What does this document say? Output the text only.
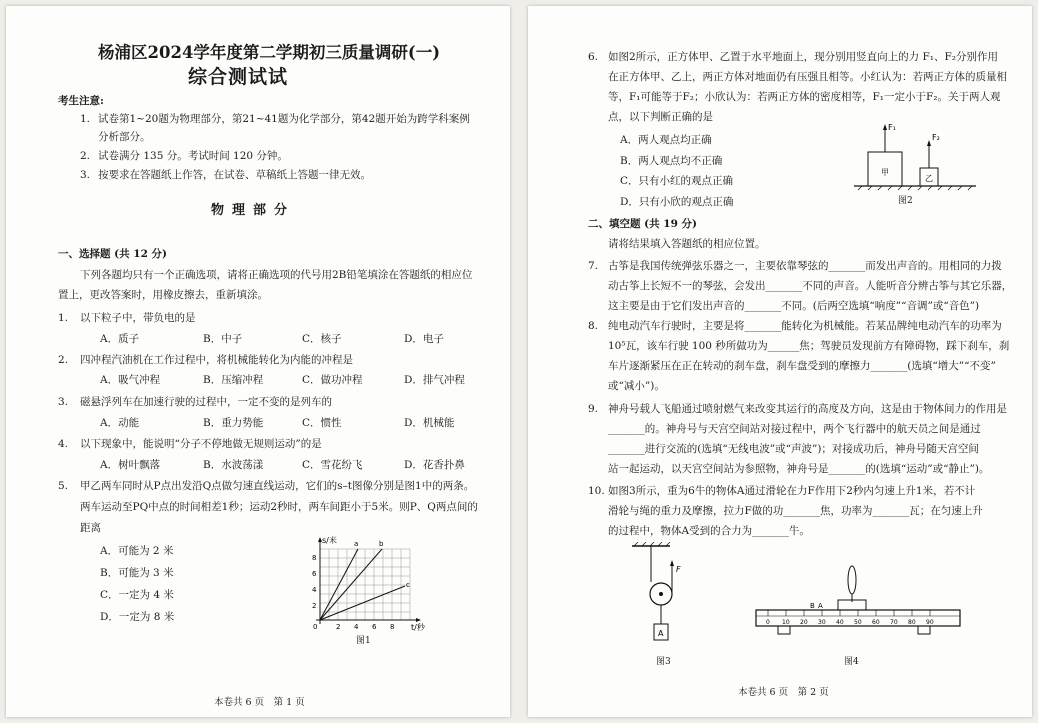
杨浦区2024学年度第二学期初三质量调研(一)
综合测试试
考生注意:
1. 试卷第1~20题为物理部分，第21~41题为化学部分，第42题开始为跨学科案例
分析部分。
2. 试卷满分 135 分。考试时间 120 分钟。
3. 按要求在答题纸上作答，在试卷、草稿纸上答题一律无效。
物理部分
一、选择题 (共 12 分)
下列各题均只有一个正确选项，请将正确选项的代号用2B铅笔填涂在答题纸的相应位
置上，更改答案时，用橡皮擦去，重新填涂。
1. 以下粒子中，带负电的是
A．质子	B．中子	C．核子	D．电子
2. 四冲程汽油机在工作过程中，将机械能转化为内能的冲程是
A．吸气冲程	B．压缩冲程	C．做功冲程	D．排气冲程
3. 磁悬浮列车在加速行驶的过程中，一定不变的是列车的
A．动能	B．重力势能	C．惯性	D．机械能
4. 以下现象中，能说明“分子不停地做无规则运动”的是
A．树叶飘落	B．水波荡漾	C．雪花纷飞	D．花香扑鼻
5. 甲乙两车同时从P点出发沿Q点做匀速直线运动，它们的s–t图像分别是图1中的两条。
两车运动至PQ中点的时间相差1秒；运动2秒时，两车间距小于5米。则P、Q两点间的
距离
A．可能为 2 米
B．可能为 3 米
C．一定为 4 米
D．一定为 8 米
s/米
t/秒
8
6
4
2
0	2 4 6 8
a	b
c
图1
本卷共 6 页　第 1 页
6. 如图2所示，正方体甲、乙置于水平地面上，现分别用竖直向上的力 F₁、F₂分别作用
在正方体甲、乙上，两正方体对地面仍有压强且相等。小红认为：若两正方体的质量相
等，F₁可能等于F₂；小欣认为：若两正方体的密度相等，F₁一定小于F₂。关于两人观
点，以下判断正确的是
A．两人观点均正确
B．两人观点均不正确
C．只有小红的观点正确
D．只有小欣的观点正确
F₁
F₂
甲
乙
图2
二、填空题 (共 19 分)
请将结果填入答题纸的相应位置。
7. 古筝是我国传统弹弦乐器之一，主要依靠琴弦的_______而发出声音的。用相同的力拨
动古筝上长短不一的琴弦，会发出_______不同的声音。人能听音分辨古筝与其它乐器，
这主要是由于它们发出声音的_______不同。(后两空选填“响度”“音调”或“音色”)
8. 纯电动汽车行驶时，主要是将_______能转化为机械能。若某品牌纯电动汽车的功率为
10⁵瓦，该车行驶 100 秒所做功为______焦；驾驶员发现前方有障碍物，踩下刹车，刹
车片逐渐紧压在正在转动的刹车盘，刹车盘受到的摩擦力_______(选填“增大”“不变”
或“减小”)。
9. 神舟号载人飞船通过喷射燃气来改变其运行的高度及方向，这是由于物体间力的作用是
_______的。神舟号与天宫空间站对接过程中，两个飞行器中的航天员之间是通过
_______进行交流的(选填“无线电波”或“声波”)；对接成功后，神舟号随天宫空间
站一起运动，以天宫空间站为参照物，神舟号是_______的(选填“运动”或“静止”)。
10. 如图3所示，重为6牛的物体A通过滑轮在力F作用下2秒内匀速上升1米，若不计
滑轮与绳的重力及摩擦，拉力F做的功_______焦，功率为_______瓦；在匀速上升
的过程中，物体A受到的合力为_______牛。
F
A
图3
B A
0 10 20 30 40 50 60 70 80 90
图4
本卷共 6 页　第 2 页
